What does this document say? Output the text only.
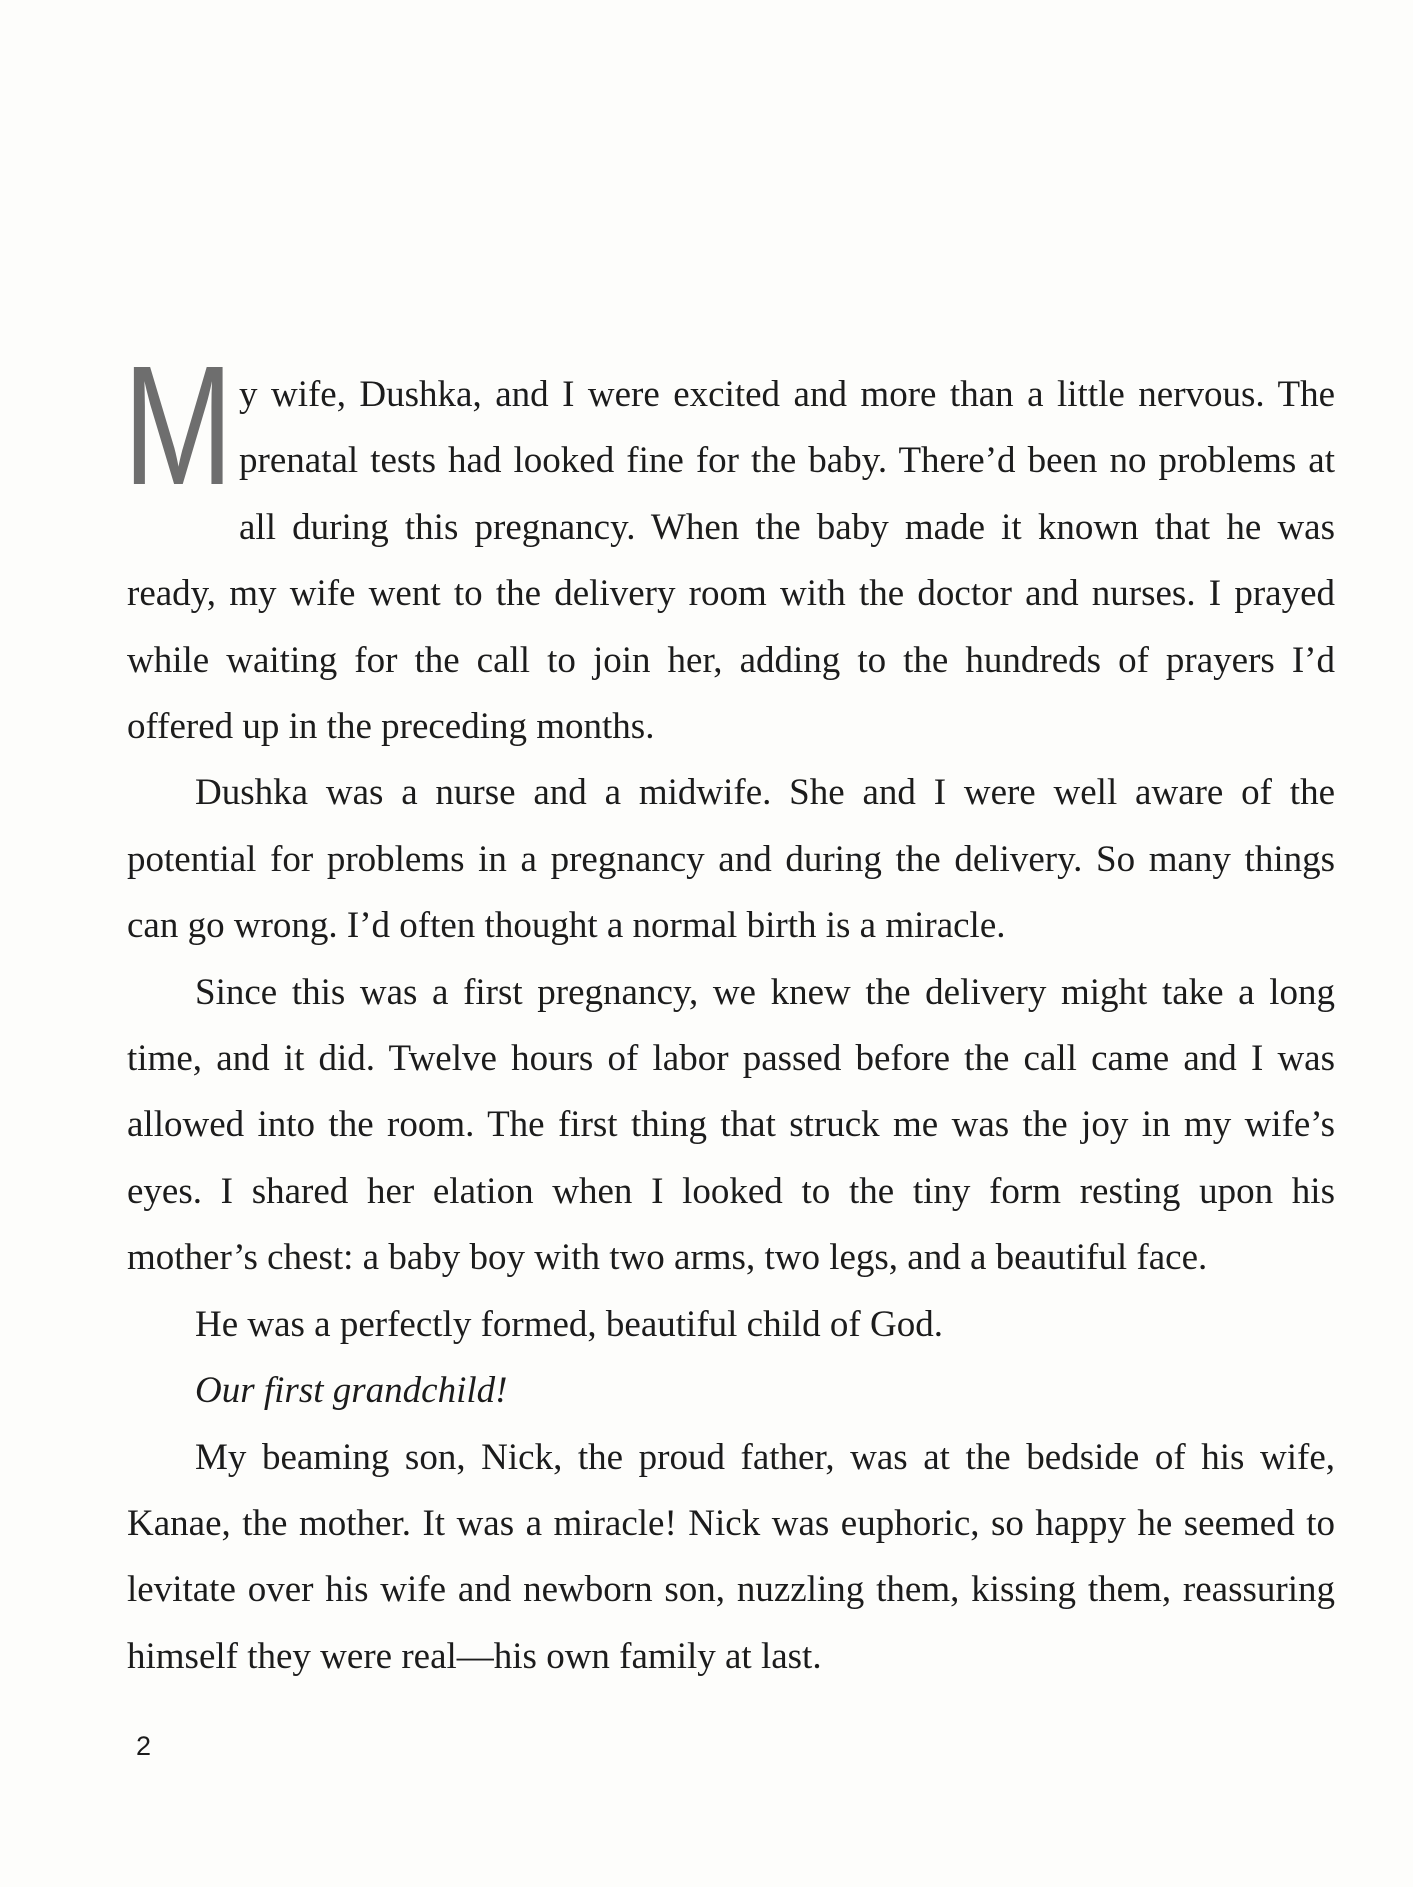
My wife, Dushka, and I were excited and more than a little nervous. The prenatal tests had looked fine for the baby. There’d been no problems at all during this pregnancy. When the baby made it known that he was ready, my wife went to the delivery room with the doctor and nurses. I prayed while waiting for the call to join her, adding to the hundreds of prayers I’d offered up in the preceding months.

Dushka was a nurse and a midwife. She and I were well aware of the potential for problems in a pregnancy and during the delivery. So many things can go wrong. I’d often thought a normal birth is a miracle.

Since this was a first pregnancy, we knew the delivery might take a long time, and it did. Twelve hours of labor passed before the call came and I was allowed into the room. The first thing that struck me was the joy in my wife’s eyes. I shared her elation when I looked to the tiny form resting upon his mother’s chest: a baby boy with two arms, two legs, and a beautiful face.

He was a perfectly formed, beautiful child of God.

Our first grandchild!

My beaming son, Nick, the proud father, was at the bedside of his wife, Kanae, the mother. It was a miracle! Nick was euphoric, so happy he seemed to levitate over his wife and newborn son, nuzzling them, kissing them, reassuring himself they were real—his own family at last.

2
